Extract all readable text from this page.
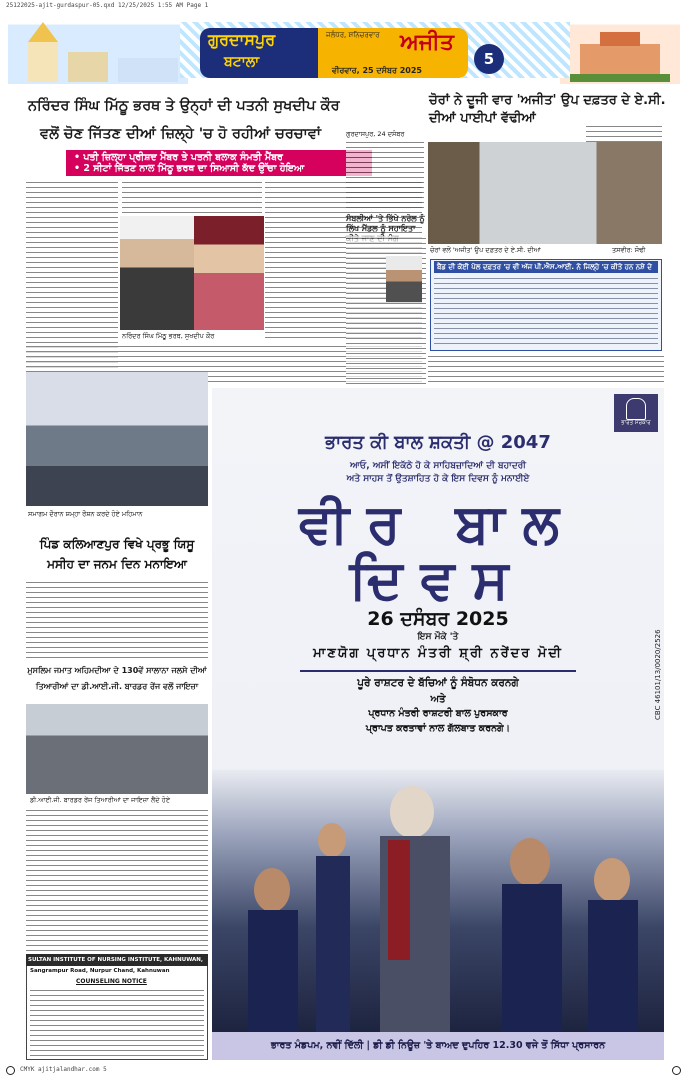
25122025-ajit-gurdaspur-05.qxd 12/25/2025 1:55 AM Page 1
ਗੁਰਦਾਸਪੁਰ
ਬਟਾਲਾ
ਜਲੰਧਰ, ਸ਼ਨਿਚਰਵਾਰ ਅਜੀਤ
ਵੀਰਵਾਰ, 25 ਦਸੰਬਰ 2025
5
ਨਰਿੰਦਰ ਸਿੰਘ ਮਿੱਠੂ ਭਰਥ ਤੇ ਉਨ੍ਹਾਂ ਦੀ ਪਤਨੀ ਸੁਖਦੀਪ ਕੌਰ
ਵਲੋਂ ਚੋਣ ਜਿੱਤਣ ਦੀਆਂ ਜ਼ਿਲ੍ਹੇ 'ਚ ਹੋ ਰਹੀਆਂ ਚਰਚਾਵਾਂ
• ਪਤੀ ਜ਼ਿਲ੍ਹਾ ਪ੍ਰੀਸ਼ਦ ਮੈਂਬਰ ਤੇ ਪਤਨੀ ਬਲਾਕ ਸੰਮਤੀ ਮੈਂਬਰ
• 2 ਸੀਟਾਂ ਜਿੱਤਣ ਨਾਲ ਮਿੱਠੂ ਭਰਥ ਦਾ ਸਿਆਸੀ ਕੱਦ ਉੱਚਾ ਹੋਇਆ
ਨਰਿੰਦਰ ਸਿੰਘ ਮਿੱਠੂ ਭਰਥ, ਸੁਖਦੀਪ ਕੌਰ
ਚੋਰਾਂ ਨੇ ਦੂਜੀ ਵਾਰ 'ਅਜੀਤ' ਉਪ ਦਫ਼ਤਰ ਦੇ ਏ.ਸੀ. ਦੀਆਂ ਪਾਈਪਾਂ ਵੱਢੀਆਂ
ਗੁਰਦਾਸਪੁਰ, 24 ਦਸੰਬਰ
ਚੋਰਾਂ ਵਲੋਂ 'ਅਜੀਤ' ਉਪ ਦਫ਼ਤਰ ਦੇ ਏ.ਸੀ. ਦੀਆਂ	ਤਸਵੀਰ: ਸੋਢੀ
ਸੰਬਲੀਆਂ 'ਤੇ ਭਿੱਖੇ ਨਰੋਲ ਨੂੰ ਲਿੱਖ ਮੈਂਡਲ ਨੂੰ ਸਹਾਇਤਾ
ਬੈਂਡ ਦੀ ਕੋਈ ਪੋਲ ਦਫ਼ਤਰ 'ਚ ਵੀ ਅੱਜ ਪੀ.ਐਸ.ਆਈ. ਨੇ ਜਿਲ੍ਹੇ 'ਚ ਕੀਤੇ ਹਨ ਨਸ਼ੇ ਦੇ
ਸਮਾਗਮ ਦੌਰਾਨ ਸ਼ਮ੍ਹਾ ਰੌਸ਼ਨ ਕਰਦੇ ਹੋਏ ਮਹਿਮਾਨ
ਪਿੰਡ ਕਲਿਆਣਪੁਰ ਵਿਖੇ ਪ੍ਰਭੂ ਯਿਸੂ
ਮਸੀਹ ਦਾ ਜਨਮ ਦਿਨ ਮਨਾਇਆ
ਮੁਸਲਿਮ ਜਮਾਤ ਅਹਿਮਦੀਆ ਦੇ 130ਵੇਂ ਸਾਲਾਨਾ ਜਲਸੇ ਦੀਆਂ
ਤਿਆਰੀਆਂ ਦਾ ਡੀ.ਆਈ.ਜੀ. ਬਾਰਡਰ ਰੇਂਜ ਵਲੋਂ ਜਾਇਜ਼ਾ
ਡੀ.ਆਈ.ਜੀ. ਬਾਰਡਰ ਰੇਂਜ ਤਿਆਰੀਆਂ ਦਾ ਜਾਇਜ਼ਾ ਲੈਂਦੇ ਹੋਏ
SULTAN INSTITUTE OF NURSING INSTITUTE, KAHNUWAN,
Sangrampur Road, Nurpur Chand, Kahnuwan
COUNSELING NOTICE
ਭਾਰਤ ਸਰਕਾਰ
ਭਾਰਤ ਕੀ ਬਾਲ ਸ਼ਕਤੀ @ 2047
ਆਓ, ਅਸੀਂ ਇਕੱਠੇ ਹੋ ਕੇ ਸਾਹਿਬਜ਼ਾਦਿਆਂ ਦੀ ਬਹਾਦਰੀ
ਅਤੇ ਸਾਹਸ ਤੋਂ ਉਤਸ਼ਾਹਿਤ ਹੋ ਕੇ ਇਸ ਦਿਵਸ ਨੂੰ ਮਨਾਈਏ
ਵੀਰ ਬਾਲ
ਦਿਵਸ
26 ਦਸੰਬਰ 2025
ਇਸ ਮੌਕੇ 'ਤੇ
ਮਾਣਯੋਗ ਪ੍ਰਧਾਨ ਮੰਤਰੀ ਸ਼੍ਰੀ ਨਰੇਂਦਰ ਮੋਦੀ
ਪੂਰੇ ਰਾਸ਼ਟਰ ਦੇ ਬੱਚਿਆਂ ਨੂੰ ਸੰਬੋਧਨ ਕਰਨਗੇ
ਅਤੇ
ਪ੍ਰਧਾਨ ਮੰਤਰੀ ਰਾਸ਼ਟਰੀ ਬਾਲ ਪੁਰਸਕਾਰ
ਪ੍ਰਾਪਤ ਕਰਤਾਵਾਂ ਨਾਲ ਗੱਲਬਾਤ ਕਰਨਗੇ।
CBC 46101/13/0020/2526
ਭਾਰਤ ਮੰਡਪਮ, ਨਵੀਂ ਦਿੱਲੀ | ਡੀ ਡੀ ਨਿਊਜ਼ 'ਤੇ ਬਾਅਦ ਦੁਪਹਿਰ 12.30 ਵਜੇ ਤੋਂ ਸਿੱਧਾ ਪ੍ਰਸਾਰਨ
CMYK ajitjalandhar.com 5
